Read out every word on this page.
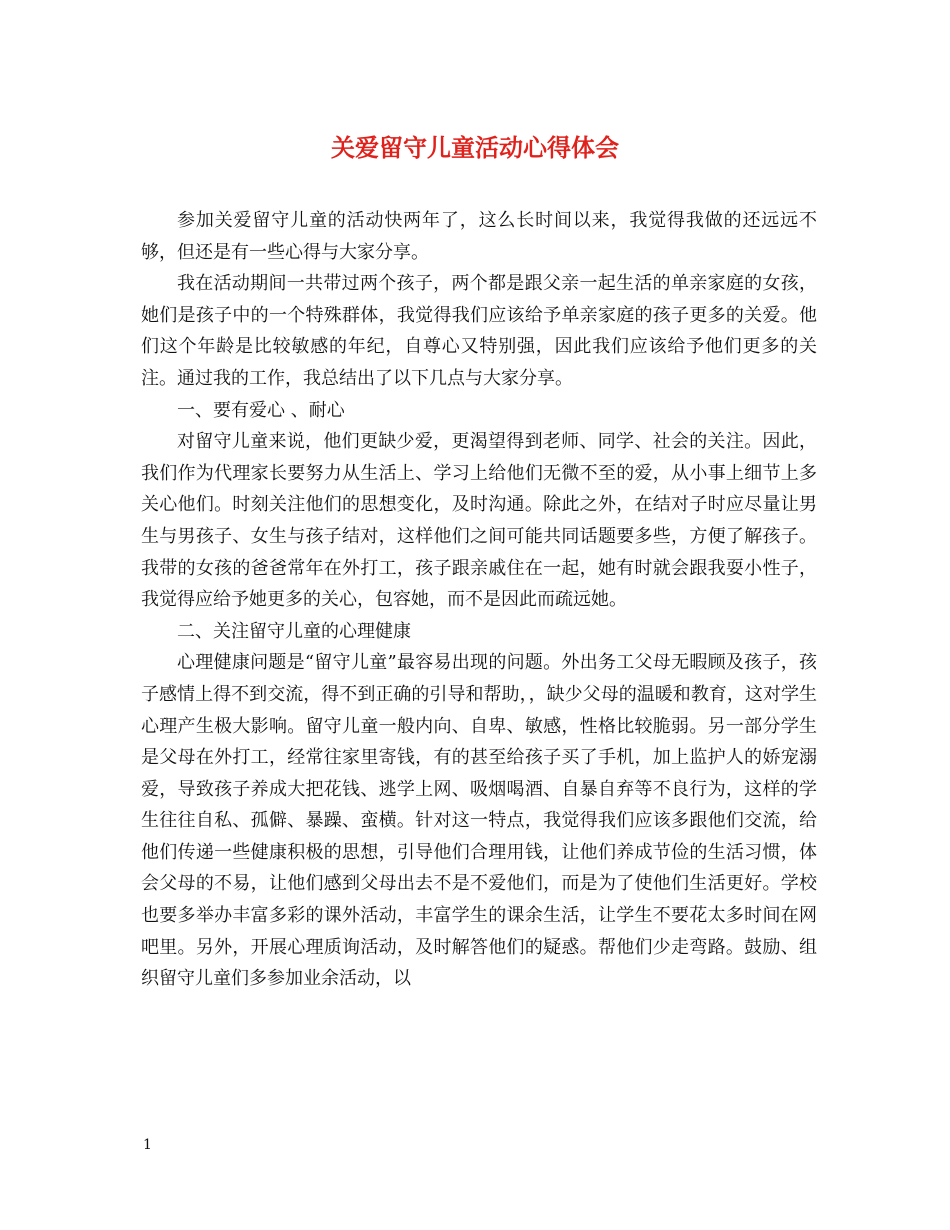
关爱留守儿童活动心得体会

参加关爱留守儿童的活动快两年了，这么长时间以来，我觉得我做的还远远不够，但还是有一些心得与大家分享。

我在活动期间一共带过两个孩子，两个都是跟父亲一起生活的单亲家庭的女孩，她们是孩子中的一个特殊群体，我觉得我们应该给予单亲家庭的孩子更多的关爱。他们这个年龄是比较敏感的年纪，自尊心又特别强，因此我们应该给予他们更多的关注。通过我的工作，我总结出了以下几点与大家分享。

一、要有爱心 、耐心

对留守儿童来说，他们更缺少爱，更渴望得到老师、同学、社会的关注。因此，我们作为代理家长要努力从生活上、学习上给他们无微不至的爱，从小事上细节上多关心他们。时刻关注他们的思想变化，及时沟通。除此之外，在结对子时应尽量让男生与男孩子、女生与孩子结对，这样他们之间可能共同话题要多些，方便了解孩子。我带的女孩的爸爸常年在外打工，孩子跟亲戚住在一起，她有时就会跟我耍小性子，我觉得应给予她更多的关心，包容她，而不是因此而疏远她。

二、关注留守儿童的心理健康

心理健康问题是“留守儿童”最容易出现的问题。外出务工父母无暇顾及孩子，孩子感情上得不到交流，得不到正确的引导和帮助，，缺少父母的温暖和教育，这对学生心理产生极大影响。留守儿童一般内向、自卑、敏感，性格比较脆弱。另一部分学生是父母在外打工，经常往家里寄钱，有的甚至给孩子买了手机，加上监护人的娇宠溺爱，导致孩子养成大把花钱、逃学上网、吸烟喝酒、自暴自弃等不良行为，这样的学生往往自私、孤僻、暴躁、蛮横。针对这一特点，我觉得我们应该多跟他们交流，给他们传递一些健康积极的思想，引导他们合理用钱，让他们养成节俭的生活习惯，体会父母的不易，让他们感到父母出去不是不爱他们，而是为了使他们生活更好。学校也要多举办丰富多彩的课外活动，丰富学生的课余生活，让学生不要花太多时间在网吧里。另外，开展心理质询活动，及时解答他们的疑惑。帮他们少走弯路。鼓励、组织留守儿童们多参加业余活动，以

1
